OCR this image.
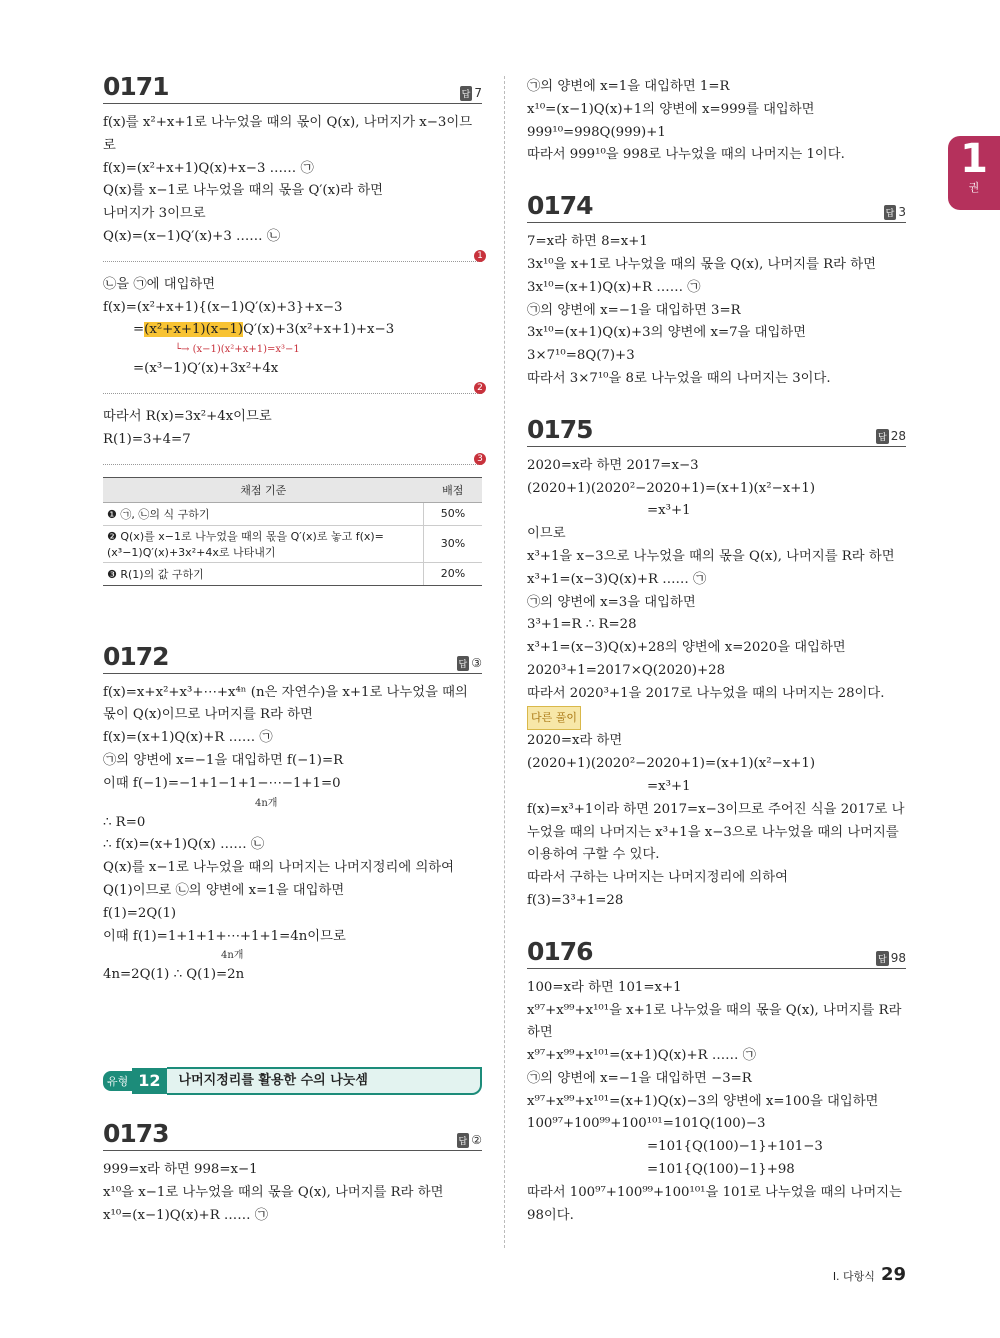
1
권
0171	답 7
f(x)를 x²+x+1로 나누었을 때의 몫이 Q(x), 나머지가 x−3이므로
f(x)=(x²+x+1)Q(x)+x−3 …… ㉠
Q(x)를 x−1로 나누었을 때의 몫을 Q′(x)라 하면
나머지가 3이므로
Q(x)=(x−1)Q′(x)+3 …… ㉡
1
㉡을 ㉠에 대입하면
f(x)=(x²+x+1){(x−1)Q′(x)+3}+x−3
=(x²+x+1)(x−1)Q′(x)+3(x²+x+1)+x−3
└→ (x−1)(x²+x+1)=x³−1
=(x³−1)Q′(x)+3x²+4x
2
따라서 R(x)=3x²+4x이므로
R(1)=3+4=7
3
채점 기준	배점
❶ ㉠, ㉡의 식 구하기	50%
❷ Q(x)를 x−1로 나누었을 때의 몫을 Q′(x)로 놓고 f(x)=(x³−1)Q′(x)+3x²+4x로 나타내기	30%
❸ R(1)의 값 구하기	20%
0172	답 ③
f(x)=x+x²+x³+⋯+x⁴ⁿ (n은 자연수)을 x+1로 나누었을 때의 몫이 Q(x)이므로 나머지를 R라 하면
f(x)=(x+1)Q(x)+R …… ㉠
㉠의 양변에 x=−1을 대입하면 f(−1)=R
이때 f(−1)=−1+1−1+1−⋯−1+1=0
4n개
∴ R=0
∴ f(x)=(x+1)Q(x) …… ㉡
Q(x)를 x−1로 나누었을 때의 나머지는 나머지정리에 의하여
Q(1)이므로 ㉡의 양변에 x=1을 대입하면
f(1)=2Q(1)
이때 f(1)=1+1+1+⋯+1+1=4n이므로
4n개
4n=2Q(1) ∴ Q(1)=2n
유형 12	나머지정리를 활용한 수의 나눗셈
0173	답 ②
999=x라 하면 998=x−1
x¹⁰을 x−1로 나누었을 때의 몫을 Q(x), 나머지를 R라 하면
x¹⁰=(x−1)Q(x)+R …… ㉠
㉠의 양변에 x=1을 대입하면 1=R
x¹⁰=(x−1)Q(x)+1의 양변에 x=999를 대입하면
999¹⁰=998Q(999)+1
따라서 999¹⁰을 998로 나누었을 때의 나머지는 1이다.
0174	답 3
7=x라 하면 8=x+1
3x¹⁰을 x+1로 나누었을 때의 몫을 Q(x), 나머지를 R라 하면
3x¹⁰=(x+1)Q(x)+R …… ㉠
㉠의 양변에 x=−1을 대입하면 3=R
3x¹⁰=(x+1)Q(x)+3의 양변에 x=7을 대입하면
3×7¹⁰=8Q(7)+3
따라서 3×7¹⁰을 8로 나누었을 때의 나머지는 3이다.
0175	답 28
2020=x라 하면 2017=x−3
(2020+1)(2020²−2020+1)=(x+1)(x²−x+1)
=x³+1
이므로
x³+1을 x−3으로 나누었을 때의 몫을 Q(x), 나머지를 R라 하면
x³+1=(x−3)Q(x)+R …… ㉠
㉠의 양변에 x=3을 대입하면
3³+1=R ∴ R=28
x³+1=(x−3)Q(x)+28의 양변에 x=2020을 대입하면
2020³+1=2017×Q(2020)+28
따라서 2020³+1을 2017로 나누었을 때의 나머지는 28이다.
다른 풀이
2020=x라 하면
(2020+1)(2020²−2020+1)=(x+1)(x²−x+1)
=x³+1
f(x)=x³+1이라 하면 2017=x−3이므로 주어진 식을 2017로 나누었을 때의 나머지는 x³+1을 x−3으로 나누었을 때의 나머지를 이용하여 구할 수 있다.
따라서 구하는 나머지는 나머지정리에 의하여
f(3)=3³+1=28
0176	답 98
100=x라 하면 101=x+1
x⁹⁷+x⁹⁹+x¹⁰¹을 x+1로 나누었을 때의 몫을 Q(x), 나머지를 R라 하면
x⁹⁷+x⁹⁹+x¹⁰¹=(x+1)Q(x)+R …… ㉠
㉠의 양변에 x=−1을 대입하면 −3=R
x⁹⁷+x⁹⁹+x¹⁰¹=(x+1)Q(x)−3의 양변에 x=100을 대입하면
100⁹⁷+100⁹⁹+100¹⁰¹=101Q(100)−3
=101{Q(100)−1}+101−3
=101{Q(100)−1}+98
따라서 100⁹⁷+100⁹⁹+100¹⁰¹을 101로 나누었을 때의 나머지는 98이다.
I. 다항식 29
